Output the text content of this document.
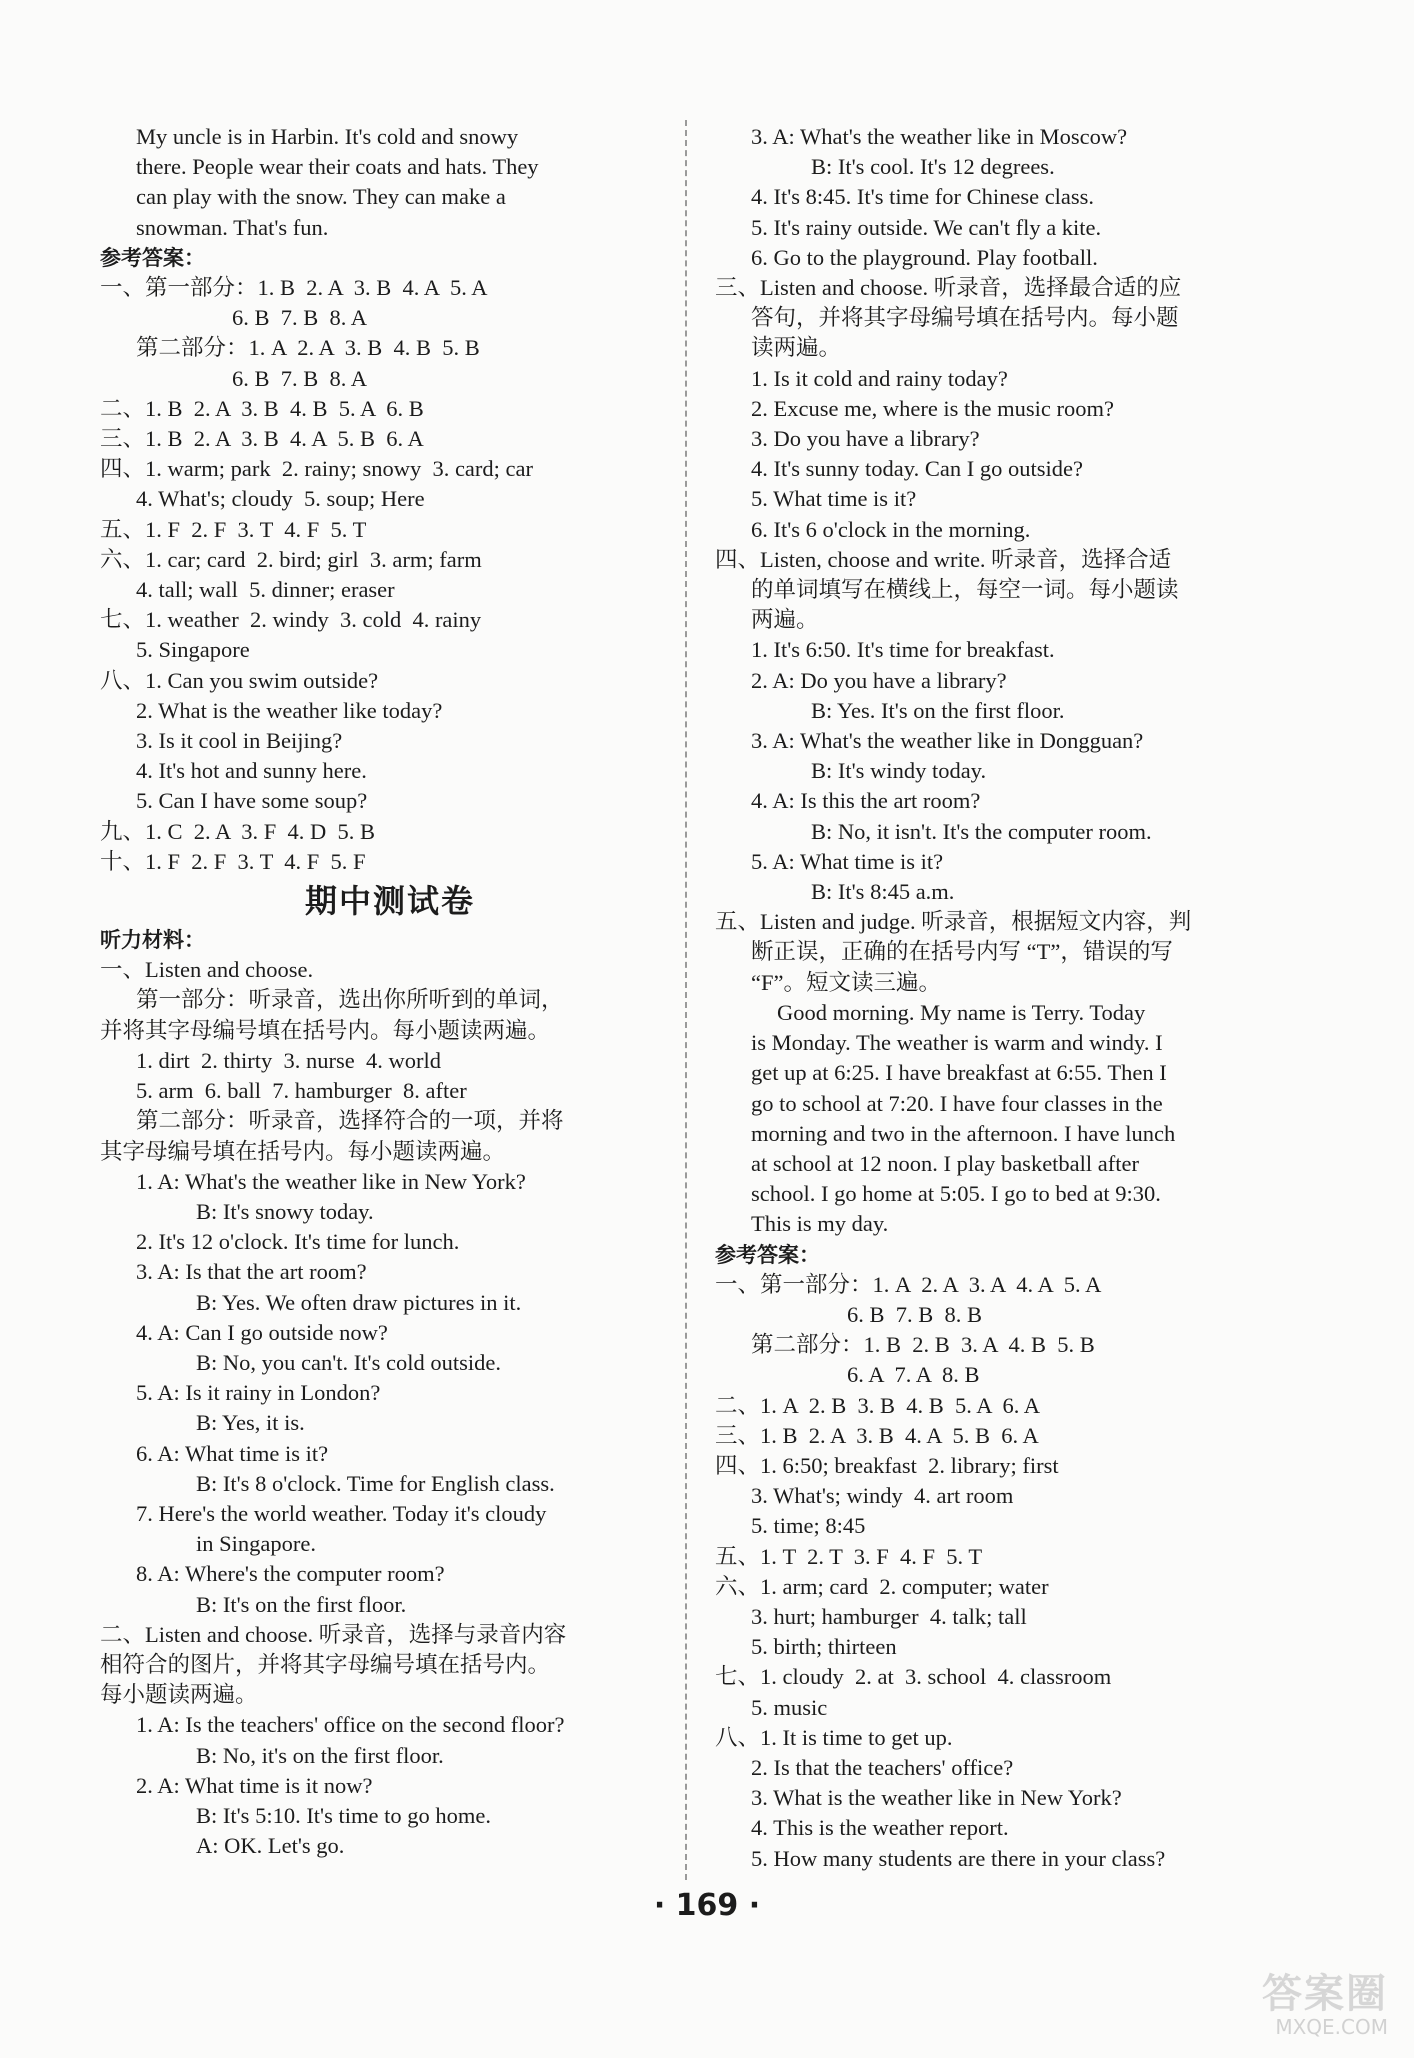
My uncle is in Harbin. It's cold and snowy
there. People wear their coats and hats. They
can play with the snow. They can make a
snowman. That's fun.
参考答案：
一、第一部分：1. B  2. A  3. B  4. A  5. A
6. B  7. B  8. A
第二部分：1. A  2. A  3. B  4. B  5. B
6. B  7. B  8. A
二、1. B  2. A  3. B  4. B  5. A  6. B
三、1. B  2. A  3. B  4. A  5. B  6. A
四、1. warm; park  2. rainy; snowy  3. card; car
4. What's; cloudy  5. soup; Here
五、1. F  2. F  3. T  4. F  5. T
六、1. car; card  2. bird; girl  3. arm; farm
4. tall; wall  5. dinner; eraser
七、1. weather  2. windy  3. cold  4. rainy
5. Singapore
八、1. Can you swim outside?
2. What is the weather like today?
3. Is it cool in Beijing?
4. It's hot and sunny here.
5. Can I have some soup?
九、1. C  2. A  3. F  4. D  5. B
十、1. F  2. F  3. T  4. F  5. F
期中测试卷
听力材料：
一、Listen and choose.
第一部分：听录音，选出你所听到的单词，
并将其字母编号填在括号内。每小题读两遍。
1. dirt  2. thirty  3. nurse  4. world
5. arm  6. ball  7. hamburger  8. after
第二部分：听录音，选择符合的一项，并将
其字母编号填在括号内。每小题读两遍。
1. A: What's the weather like in New York?
B: It's snowy today.
2. It's 12 o'clock. It's time for lunch.
3. A: Is that the art room?
B: Yes. We often draw pictures in it.
4. A: Can I go outside now?
B: No, you can't. It's cold outside.
5. A: Is it rainy in London?
B: Yes, it is.
6. A: What time is it?
B: It's 8 o'clock. Time for English class.
7. Here's the world weather. Today it's cloudy
in Singapore.
8. A: Where's the computer room?
B: It's on the first floor.
二、Listen and choose. 听录音，选择与录音内容
相符合的图片，并将其字母编号填在括号内。
每小题读两遍。
1. A: Is the teachers' office on the second floor?
B: No, it's on the first floor.
2. A: What time is it now?
B: It's 5:10. It's time to go home.
A: OK. Let's go.
3. A: What's the weather like in Moscow?
B: It's cool. It's 12 degrees.
4. It's 8:45. It's time for Chinese class.
5. It's rainy outside. We can't fly a kite.
6. Go to the playground. Play football.
三、Listen and choose. 听录音，选择最合适的应
答句，并将其字母编号填在括号内。每小题
读两遍。
1. Is it cold and rainy today?
2. Excuse me, where is the music room?
3. Do you have a library?
4. It's sunny today. Can I go outside?
5. What time is it?
6. It's 6 o'clock in the morning.
四、Listen, choose and write. 听录音，选择合适
的单词填写在横线上，每空一词。每小题读
两遍。
1. It's 6:50. It's time for breakfast.
2. A: Do you have a library?
B: Yes. It's on the first floor.
3. A: What's the weather like in Dongguan?
B: It's windy today.
4. A: Is this the art room?
B: No, it isn't. It's the computer room.
5. A: What time is it?
B: It's 8:45 a.m.
五、Listen and judge. 听录音，根据短文内容，判
断正误，正确的在括号内写 “T”，错误的写
“F”。短文读三遍。
Good morning. My name is Terry. Today
is Monday. The weather is warm and windy. I
get up at 6:25. I have breakfast at 6:55. Then I
go to school at 7:20. I have four classes in the
morning and two in the afternoon. I have lunch
at school at 12 noon. I play basketball after
school. I go home at 5:05. I go to bed at 9:30.
This is my day.
参考答案：
一、第一部分：1. A  2. A  3. A  4. A  5. A
6. B  7. B  8. B
第二部分：1. B  2. B  3. A  4. B  5. B
6. A  7. A  8. B
二、1. A  2. B  3. B  4. B  5. A  6. A
三、1. B  2. A  3. B  4. A  5. B  6. A
四、1. 6:50; breakfast  2. library; first
3. What's; windy  4. art room
5. time; 8:45
五、1. T  2. T  3. F  4. F  5. T
六、1. arm; card  2. computer; water
3. hurt; hamburger  4. talk; tall
5. birth; thirteen
七、1. cloudy  2. at  3. school  4. classroom
5. music
八、1. It is time to get up.
2. Is that the teachers' office?
3. What is the weather like in New York?
4. This is the weather report.
5. How many students are there in your class?
· 169 ·
答案圈
MXQE.COM
